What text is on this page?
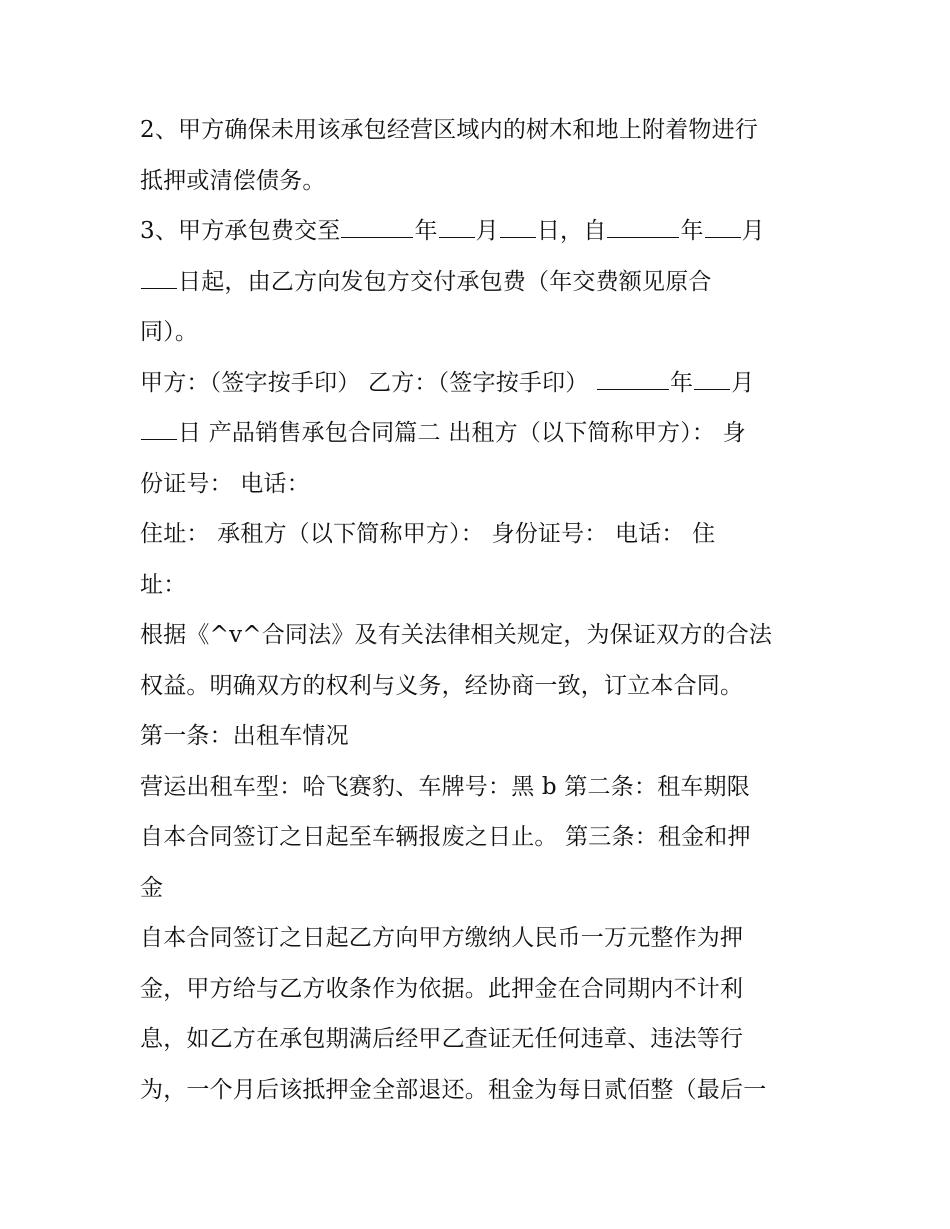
2、甲方确保未用该承包经营区域内的树木和地上附着物进行
抵押或清偿债务。
3、甲方承包费交至	年 月 日，自	年 月
日起，由乙方向发包方交付承包费（年交费额见原合
同）。
甲方：（签字按手印） 乙方：（签字按手印）	年 月
日 产品销售承包合同篇二 出租方（以下简称甲方）： 身
份证号： 电话：
住址： 承租方（以下简称甲方）： 身份证号： 电话： 住
址：
根据《^v^合同法》及有关法律相关规定，为保证双方的合法
权益。明确双方的权利与义务，经协商一致，订立本合同。
第一条：出租车情况
营运出租车型：哈飞赛豹、车牌号：黑 b 第二条：租车期限
自本合同签订之日起至车辆报废之日止。 第三条：租金和押
金
自本合同签订之日起乙方向甲方缴纳人民币一万元整作为押
金，甲方给与乙方收条作为依据。此押金在合同期内不计利
息，如乙方在承包期满后经甲乙查证无任何违章、违法等行
为，一个月后该抵押金全部退还。租金为每日贰佰整（最后一
